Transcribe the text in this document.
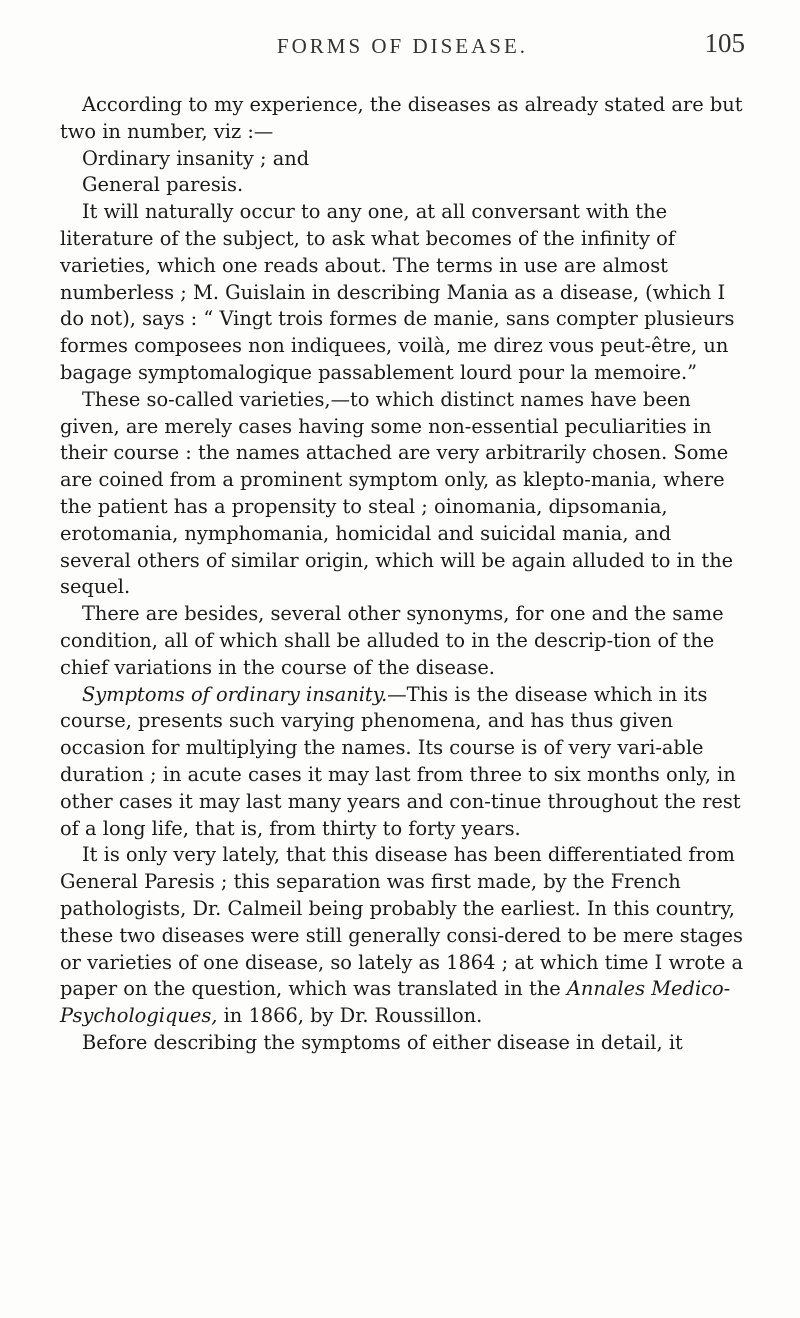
FORMS OF DISEASE.	105

According to my experience, the diseases as already stated are but two in number, viz :—

Ordinary insanity ; and

General paresis.

It will naturally occur to any one, at all conversant with the literature of the subject, to ask what becomes of the infinity of varieties, which one reads about. The terms in use are almost numberless ; M. Guislain in describing Mania as a disease, (which I do not), says : “ Vingt trois formes de manie, sans compter plusieurs formes composees non indiquees, voilà, me direz vous peut-être, un bagage symptomalogique passablement lourd pour la memoire.”

These so-called varieties,—to which distinct names have been given, are merely cases having some non-essential peculiarities in their course : the names attached are very arbitrarily chosen. Some are coined from a prominent symptom only, as klepto-mania, where the patient has a propensity to steal ; oinomania, dipsomania, erotomania, nymphomania, homicidal and suicidal mania, and several others of similar origin, which will be again alluded to in the sequel.

There are besides, several other synonyms, for one and the same condition, all of which shall be alluded to in the descrip-tion of the chief variations in the course of the disease.

Symptoms of ordinary insanity.—This is the disease which in its course, presents such varying phenomena, and has thus given occasion for multiplying the names. Its course is of very vari-able duration ; in acute cases it may last from three to six months only, in other cases it may last many years and con-tinue throughout the rest of a long life, that is, from thirty to forty years.

It is only very lately, that this disease has been differentiated from General Paresis ; this separation was first made, by the French pathologists, Dr. Calmeil being probably the earliest. In this country, these two diseases were still generally consi-dered to be mere stages or varieties of one disease, so lately as 1864 ; at which time I wrote a paper on the question, which was translated in the Annales Medico-Psychologiques, in 1866, by Dr. Roussillon.

Before describing the symptoms of either disease in detail, it
